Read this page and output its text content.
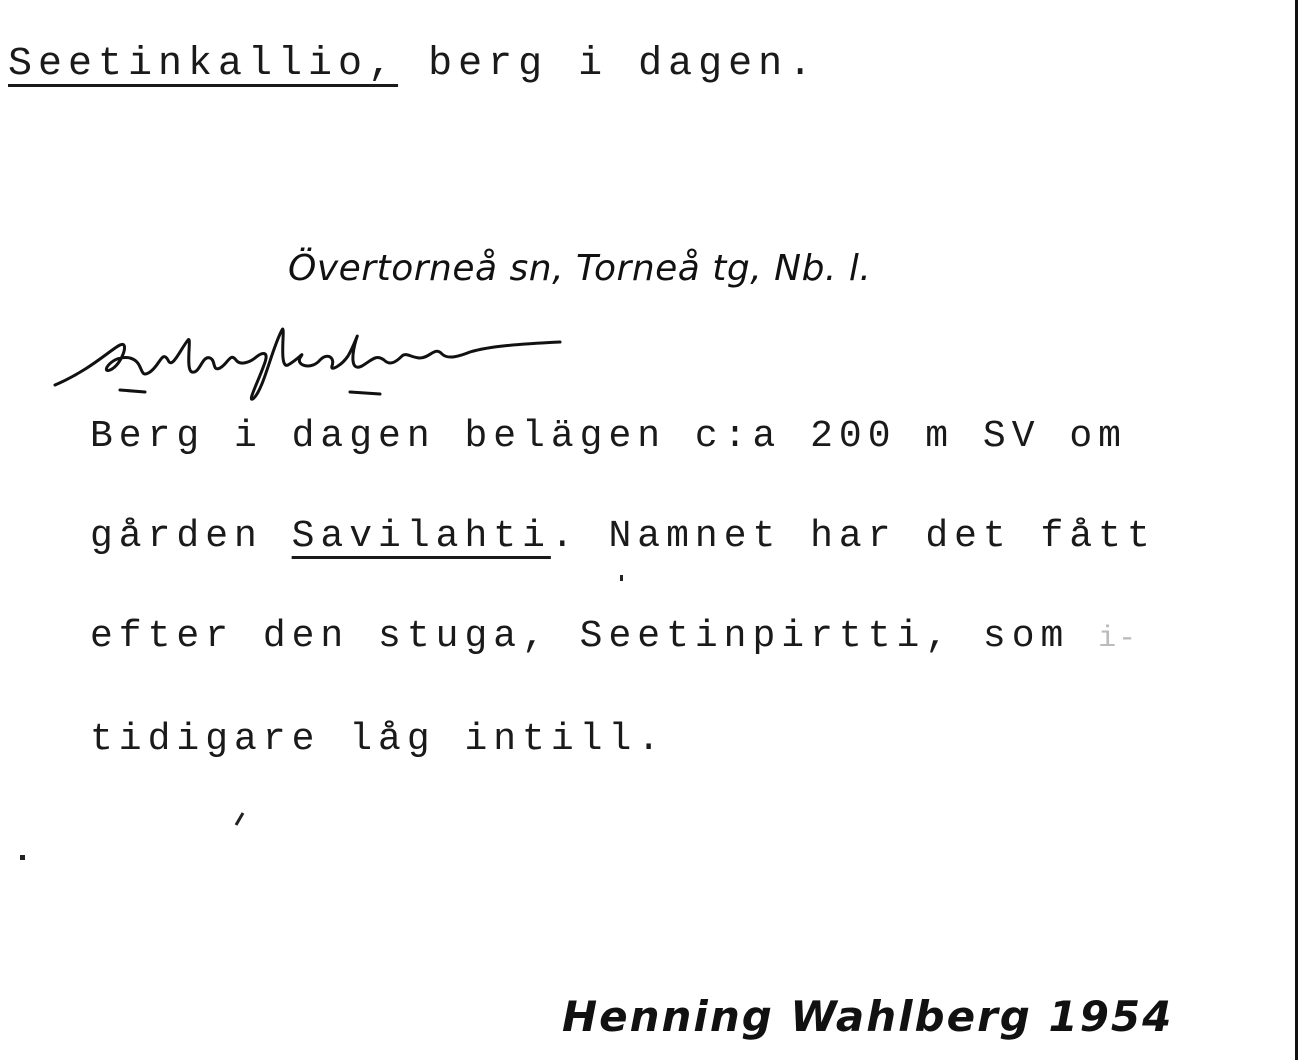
Seetinkallio, berg i dagen.
Övertorneå sn, Torneå tg, Nb. l.
setinkalio
Berg i dagen belägen c:a 200 m SV om
gården Savilahti. Namnet har det fått
efter den stuga, Seetinpirtti, som i-
tidigare låg intill.
Henning Wahlberg 1954
